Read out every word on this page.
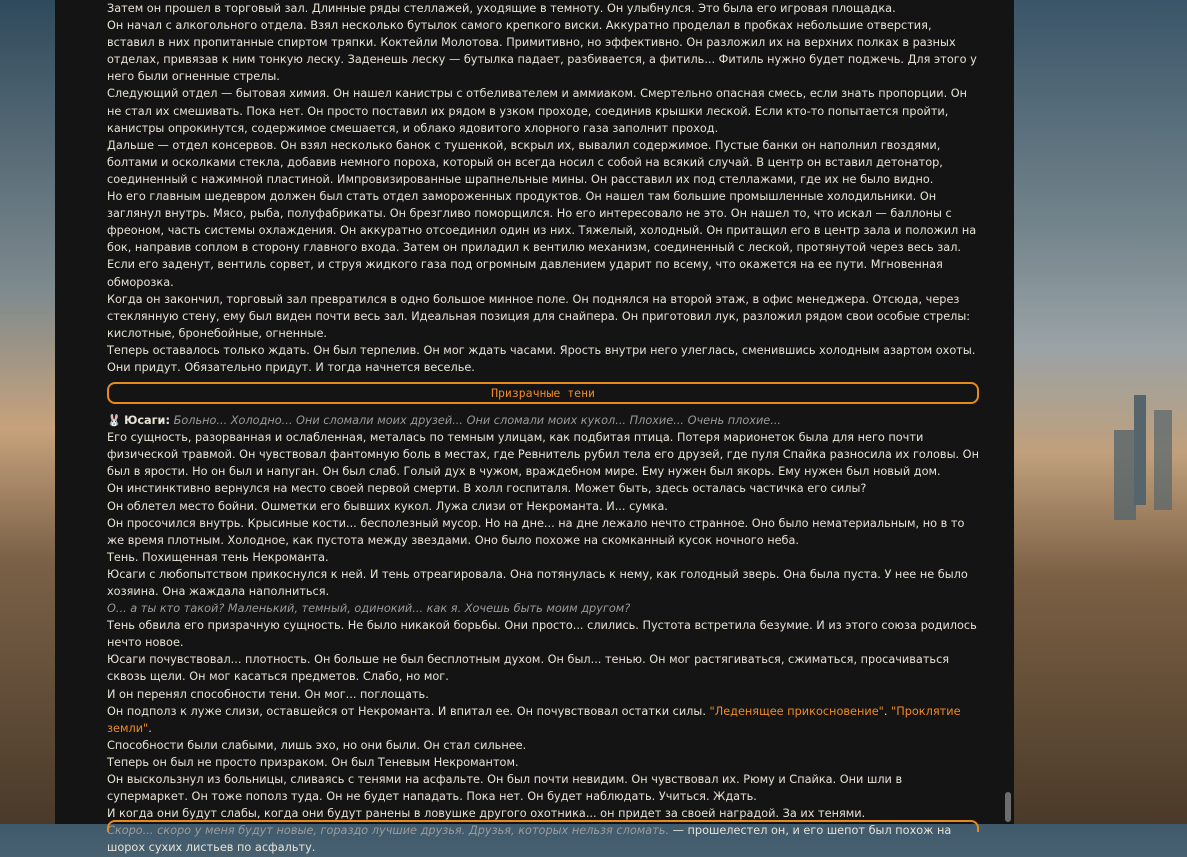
Затем он прошел в торговый зал. Длинные ряды стеллажей, уходящие в темноту. Он улыбнулся. Это была его игровая площадка.

Он начал с алкогольного отдела. Взял несколько бутылок самого крепкого виски. Аккуратно проделал в пробках небольшие отверстия, вставил в них пропитанные спиртом тряпки. Коктейли Молотова. Примитивно, но эффективно. Он разложил их на верхних полках в разных отделах, привязав к ним тонкую леску. Заденешь леску — бутылка падает, разбивается, а фитиль... Фитиль нужно будет поджечь. Для этого у него были огненные стрелы.

Следующий отдел — бытовая химия. Он нашел канистры с отбеливателем и аммиаком. Смертельно опасная смесь, если знать пропорции. Он не стал их смешивать. Пока нет. Он просто поставил их рядом в узком проходе, соединив крышки леской. Если кто-то попытается пройти, канистры опрокинутся, содержимое смешается, и облако ядовитого хлорного газа заполнит проход.

Дальше — отдел консервов. Он взял несколько банок с тушенкой, вскрыл их, вывалил содержимое. Пустые банки он наполнил гвоздями, болтами и осколками стекла, добавив немного пороха, который он всегда носил с собой на всякий случай. В центр он вставил детонатор, соединенный с нажимной пластиной. Импровизированные шрапнельные мины. Он расставил их под стеллажами, где их не было видно.

Но его главным шедевром должен был стать отдел замороженных продуктов. Он нашел там большие промышленные холодильники. Он заглянул внутрь. Мясо, рыба, полуфабрикаты. Он брезгливо поморщился. Но его интересовало не это. Он нашел то, что искал — баллоны с фреоном, часть системы охлаждения. Он аккуратно отсоединил один из них. Тяжелый, холодный. Он притащил его в центр зала и положил на бок, направив соплом в сторону главного входа. Затем он приладил к вентилю механизм, соединенный с леской, протянутой через весь зал. Если его заденут, вентиль сорвет, и струя жидкого газа под огромным давлением ударит по всему, что окажется на ее пути. Мгновенная обморозка.

Когда он закончил, торговый зал превратился в одно большое минное поле. Он поднялся на второй этаж, в офис менеджера. Отсюда, через стеклянную стену, ему был виден почти весь зал. Идеальная позиция для снайпера. Он приготовил лук, разложил рядом свои особые стрелы: кислотные, бронебойные, огненные.

Теперь оставалось только ждать. Он был терпелив. Он мог ждать часами. Ярость внутри него улеглась, сменившись холодным азартом охоты. Они придут. Обязательно придут. И тогда начнется веселье.

Призрачные тени

🐰 Юсаги: Больно... Холодно... Они сломали моих друзей... Они сломали моих кукол... Плохие... Очень плохие...

Его сущность, разорванная и ослабленная, металась по темным улицам, как подбитая птица. Потеря марионеток была для него почти физической травмой. Он чувствовал фантомную боль в местах, где Ревнитель рубил тела его друзей, где пуля Спайка разносила их головы. Он был в ярости. Но он был и напуган. Он был слаб. Голый дух в чужом, враждебном мире. Ему нужен был якорь. Ему нужен был новый дом.

Он инстинктивно вернулся на место своей первой смерти. В холл госпиталя. Может быть, здесь осталась частичка его силы?

Он облетел место бойни. Ошметки его бывших кукол. Лужа слизи от Некроманта. И... сумка.

Он просочился внутрь. Крысиные кости... бесполезный мусор. Но на дне... на дне лежало нечто странное. Оно было нематериальным, но в то же время плотным. Холодное, как пустота между звездами. Оно было похоже на скомканный кусок ночного неба.

Тень. Похищенная тень Некроманта.

Юсаги с любопытством прикоснулся к ней. И тень отреагировала. Она потянулась к нему, как голодный зверь. Она была пуста. У нее не было хозяина. Она жаждала наполниться.

О... а ты кто такой? Маленький, темный, одинокий... как я. Хочешь быть моим другом?

Тень обвила его призрачную сущность. Не было никакой борьбы. Они просто... слились. Пустота встретила безумие. И из этого союза родилось нечто новое.

Юсаги почувствовал... плотность. Он больше не был бесплотным духом. Он был... тенью. Он мог растягиваться, сжиматься, просачиваться сквозь щели. Он мог касаться предметов. Слабо, но мог.

И он перенял способности тени. Он мог... поглощать.

Он подполз к луже слизи, оставшейся от Некроманта. И впитал ее. Он почувствовал остатки силы. "Леденящее прикосновение". "Проклятие земли".

Способности были слабыми, лишь эхо, но они были. Он стал сильнее.

Теперь он был не просто призраком. Он был Теневым Некромантом.

Он выскользнул из больницы, сливаясь с тенями на асфальте. Он был почти невидим. Он чувствовал их. Рюму и Спайка. Они шли в супермаркет. Он тоже пополз туда. Он не будет нападать. Пока нет. Он будет наблюдать. Учиться. Ждать.

И когда они будут слабы, когда они будут ранены в ловушке другого охотника... он придет за своей наградой. За их тенями.

Скоро... скоро у меня будут новые, гораздо лучшие друзья. Друзья, которых нельзя сломать. — прошелестел он, и его шепот был похож на шорох сухих листьев по асфальту.
